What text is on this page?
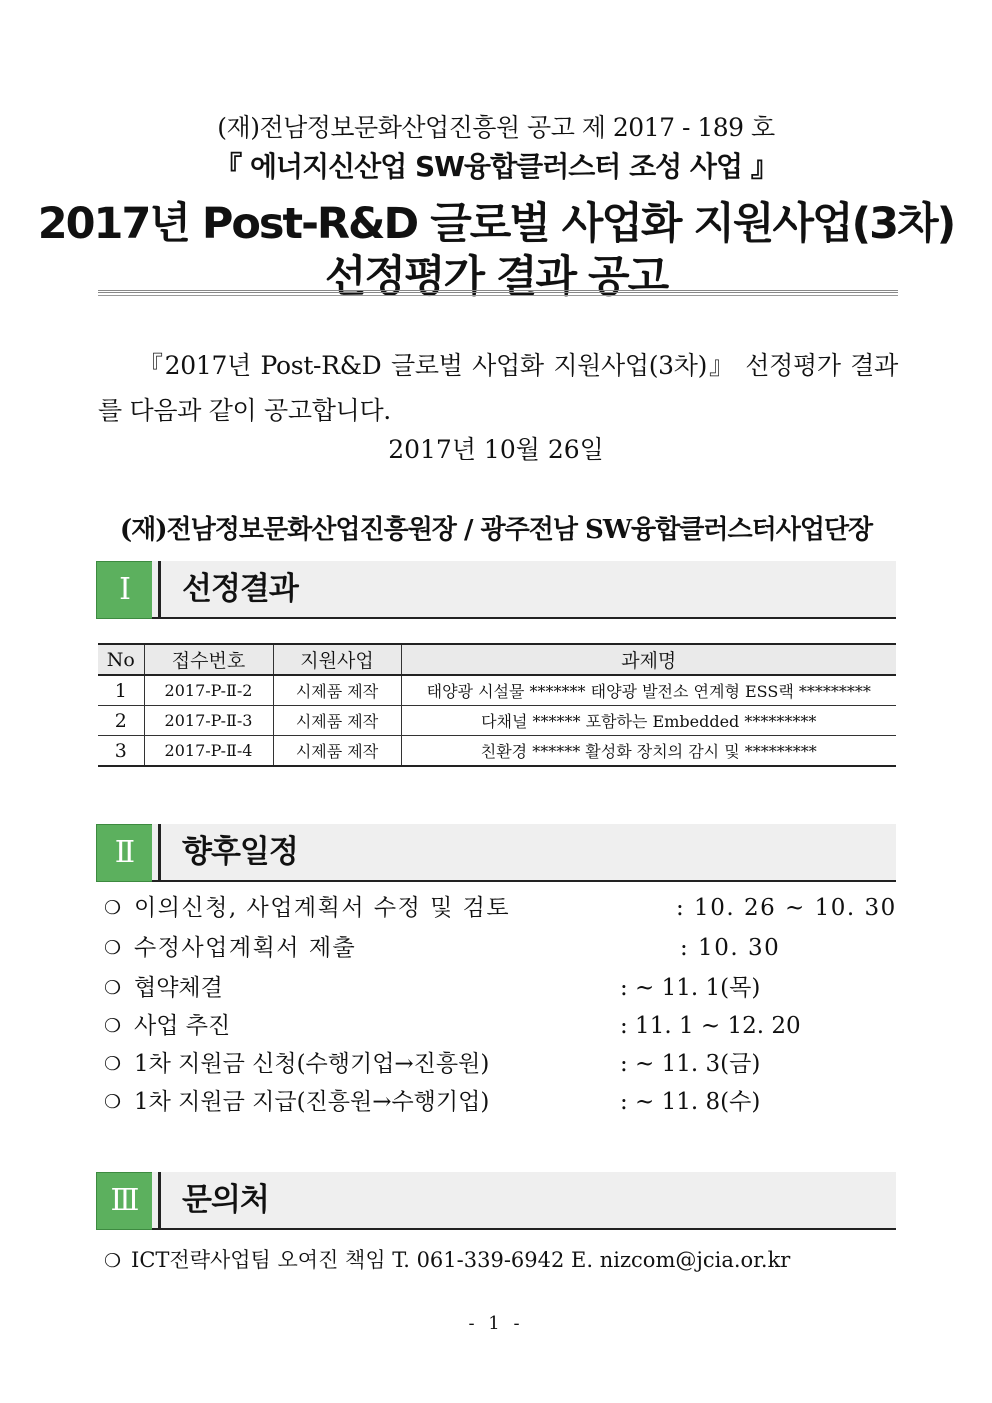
(재)전남정보문화산업진흥원 공고 제 2017 - 189 호
『 에너지신산업 SW융합클러스터 조성 사업 』
2017년 Post-R&D 글로벌 사업화 지원사업(3차)
선정평가 결과 공고
『2017년 Post-R&D 글로벌 사업화 지원사업(3차)』 선정평가 결과를 다음과 같이 공고합니다.
2017년 10월 26일
(재)전남정보문화산업진흥원장 / 광주전남 SW융합클러스터사업단장
Ⅰ	선정결과
No	접수번호	지원사업	과제명
1	2017-P-Ⅱ-2	시제품 제작	태양광 시설물 ******* 태양광 발전소 연계형 ESS랙 *********
2	2017-P-Ⅱ-3	시제품 제작	다채널 ****** 포함하는 Embedded *********
3	2017-P-Ⅱ-4	시제품 제작	친환경 ****** 활성화 장치의 감시 및 *********
Ⅱ	향후일정
❍ 이의신청, 사업계획서 수정 및 검토	: 10. 26 ~ 10. 30
❍ 수정사업계획서 제출	: 10. 30
❍ 협약체결	: ~ 11. 1(목)
❍ 사업 추진	: 11. 1 ~ 12. 20
❍ 1차 지원금 신청(수행기업→진흥원)	: ~ 11. 3(금)
❍ 1차 지원금 지급(진흥원→수행기업)	: ~ 11. 8(수)
Ⅲ	문의처
❍ ICT전략사업팀 오여진 책임 T. 061-339-6942 E. nizcom@jcia.or.kr
- 1 -
